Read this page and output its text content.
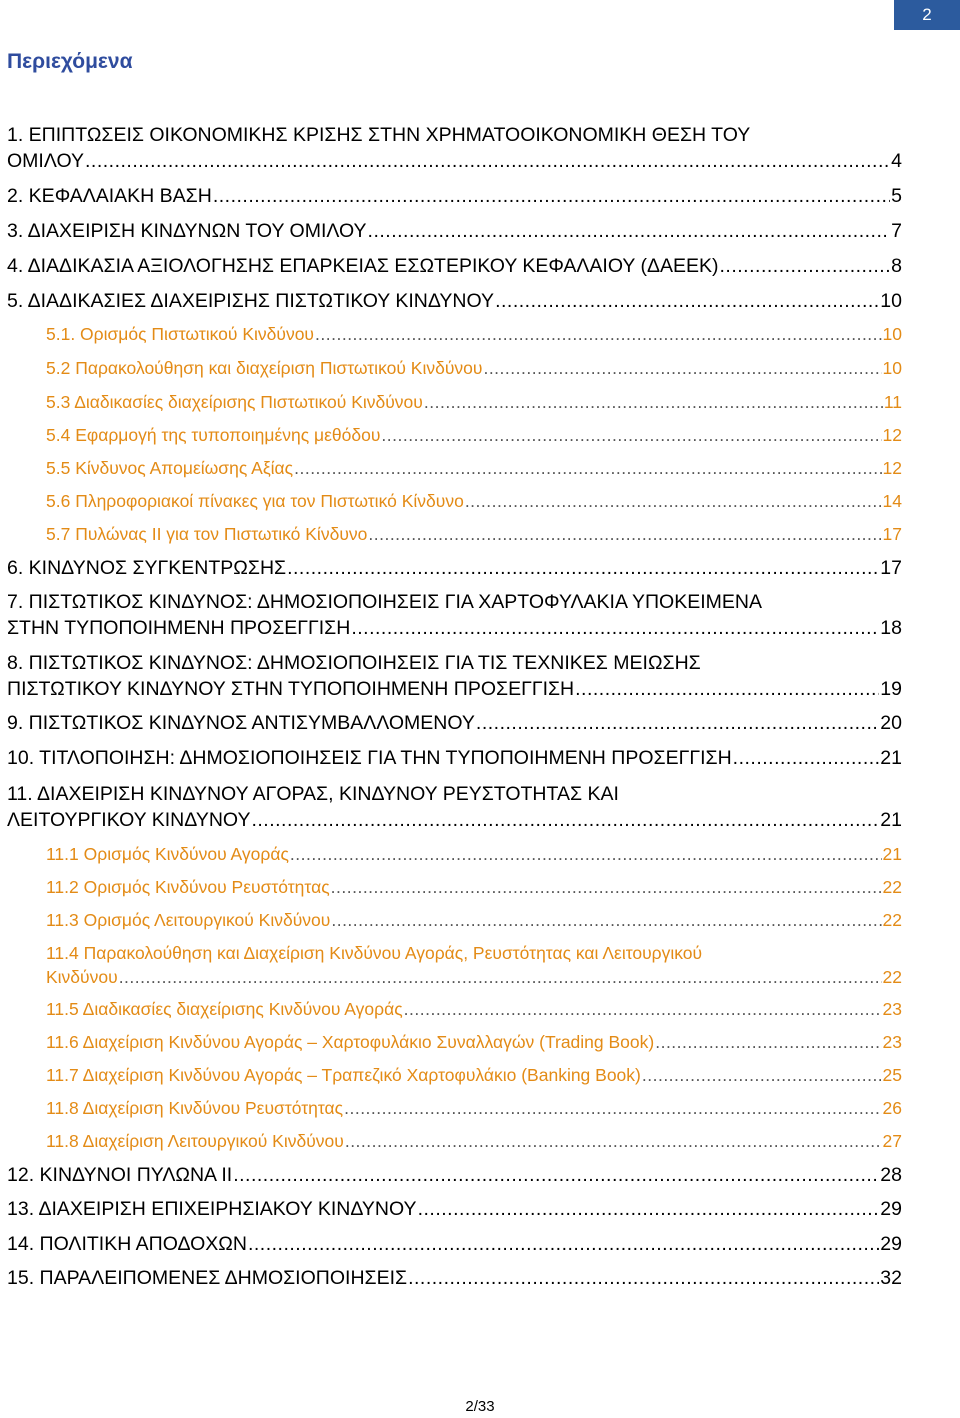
2
Περιεχόμενα
1. ΕΠΙΠΤΩΣΕΙΣ ΟΙΚΟΝΟΜΙΚΗΣ ΚΡΙΣΗΣ ΣΤΗΝ ΧΡΗΜΑΤΟΟΙΚΟΝΟΜΙΚΗ ΘΕΣΗ ΤΟΥ
ΟΜΙΛΟΥ .....	4
2. ΚΕΦΑΛΑΙΑΚΗ ΒΑΣΗ .....	5
3. ΔΙΑΧΕΙΡΙΣΗ ΚΙΝΔΥΝΩΝ ΤΟΥ ΟΜΙΛΟΥ .....	7
4. ΔΙΑΔΙΚΑΣΙΑ ΑΞΙΟΛΟΓΗΣΗΣ ΕΠΑΡΚΕΙΑΣ ΕΣΩΤΕΡΙΚΟΥ ΚΕΦΑΛΑΙΟΥ (ΔΑΕΕΚ) .....	8
5. ΔΙΑΔΙΚΑΣΙΕΣ ΔΙΑΧΕΙΡΙΣΗΣ ΠΙΣΤΩΤΙΚΟΥ ΚΙΝΔΥΝΟΥ .....	10
5.1. Ορισμός Πιστωτικού Κινδύνου .....	10
5.2 Παρακολούθηση και διαχείριση Πιστωτικού Κινδύνου .....	10
5.3 Διαδικασίες διαχείρισης Πιστωτικού Κινδύνου .....	11
5.4 Εφαρμογή της τυποποιημένης μεθόδου .....	12
5.5 Κίνδυνος Απομείωσης Αξίας .....	12
5.6 Πληροφοριακοί πίνακες για τον Πιστωτικό Κίνδυνο .....	14
5.7 Πυλώνας ΙΙ για τον Πιστωτικό Κίνδυνο .....	17
6. ΚΙΝΔΥΝΟΣ ΣΥΓΚΕΝΤΡΩΣΗΣ .....	17
7. ΠΙΣΤΩΤΙΚΟΣ ΚΙΝΔΥΝΟΣ: ΔΗΜΟΣΙΟΠΟΙΗΣΕΙΣ ΓΙΑ ΧΑΡΤΟΦΥΛΑΚΙΑ ΥΠΟΚΕΙΜΕΝΑ
ΣΤΗΝ ΤΥΠΟΠΟΙΗΜΕΝΗ ΠΡΟΣΕΓΓΙΣΗ .....	18
8. ΠΙΣΤΩΤΙΚΟΣ ΚΙΝΔΥΝΟΣ: ΔΗΜΟΣΙΟΠΟΙΗΣΕΙΣ ΓΙΑ ΤΙΣ ΤΕΧΝΙΚΕΣ ΜΕΙΩΣΗΣ
ΠΙΣΤΩΤΙΚΟΥ ΚΙΝΔΥΝΟΥ ΣΤΗΝ ΤΥΠΟΠΟΙΗΜΕΝΗ ΠΡΟΣΕΓΓΙΣΗ .....	19
9. ΠΙΣΤΩΤΙΚΟΣ ΚΙΝΔΥΝΟΣ ΑΝΤΙΣΥΜΒΑΛΛΟΜΕΝΟΥ .....	20
10. ΤΙΤΛΟΠΟΙΗΣΗ: ΔΗΜΟΣΙΟΠΟΙΗΣΕΙΣ ΓΙΑ ΤΗΝ ΤΥΠΟΠΟΙΗΜΕΝΗ ΠΡΟΣΕΓΓΙΣΗ .....	21
11. ΔΙΑΧΕΙΡΙΣΗ ΚΙΝΔΥΝΟΥ ΑΓΟΡΑΣ, ΚΙΝΔΥΝΟΥ ΡΕΥΣΤΟΤΗΤΑΣ ΚΑΙ
ΛΕΙΤΟΥΡΓΙΚΟΥ ΚΙΝΔΥΝΟΥ .....	21
11.1 Ορισμός Κινδύνου Αγοράς .....	21
11.2 Ορισμός Κινδύνου Ρευστότητας .....	22
11.3 Ορισμός Λειτουργικού Κινδύνου .....	22
11.4 Παρακολούθηση και Διαχείριση Κινδύνου Αγοράς, Ρευστότητας και Λειτουργικού
Κινδύνου .....	22
11.5 Διαδικασίες διαχείρισης Κινδύνου Αγοράς .....	23
11.6 Διαχείριση Κινδύνου Αγοράς – Χαρτοφυλάκιο Συναλλαγών (Trading Book) .....	23
11.7 Διαχείριση Κινδύνου Αγοράς – Τραπεζικό Χαρτοφυλάκιο (Banking Book) .....	25
11.8 Διαχείριση Κινδύνου Ρευστότητας .....	26
11.8 Διαχείριση Λειτουργικού Κινδύνου .....	27
12. ΚΙΝΔΥΝΟΙ ΠΥΛΩΝΑ ΙΙ .....	28
13. ΔΙΑΧΕΙΡΙΣΗ ΕΠΙΧΕΙΡΗΣΙΑΚΟΥ ΚΙΝΔΥΝΟΥ .....	29
14. ΠΟΛΙΤΙΚΗ ΑΠΟΔΟΧΩΝ .....	29
15. ΠΑΡΑΛΕΙΠΟΜΕΝΕΣ ΔΗΜΟΣΙΟΠΟΙΗΣΕΙΣ .....	32
2/33
